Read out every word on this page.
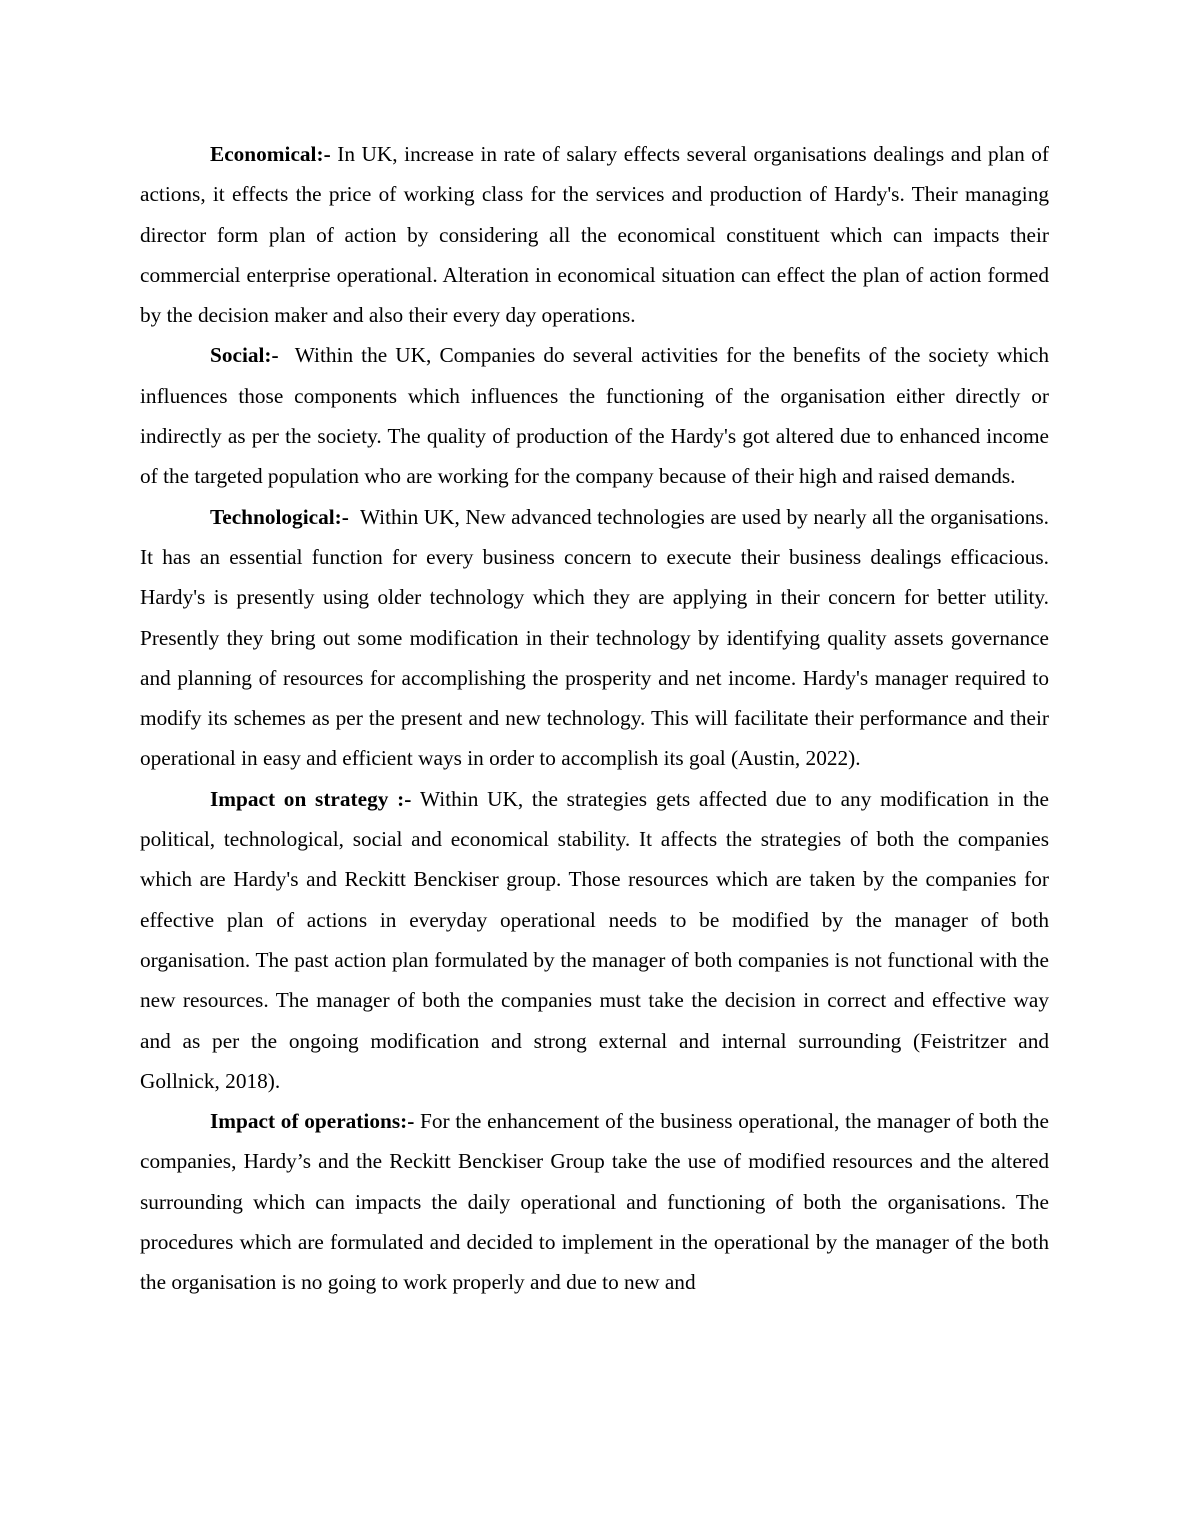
Economical:- In UK, increase in rate of salary effects several organisations dealings and plan of actions, it effects the price of working class for the services and production of Hardy's. Their managing director form plan of action by considering all the economical constituent which can impacts their commercial enterprise operational. Alteration in economical situation can effect the plan of action formed by the decision maker and also their every day operations.

Social:- Within the UK, Companies do several activities for the benefits of the society which influences those components which influences the functioning of the organisation either directly or indirectly as per the society. The quality of production of the Hardy's got altered due to enhanced income of the targeted population who are working for the company because of their high and raised demands.

Technological:- Within UK, New advanced technologies are used by nearly all the organisations. It has an essential function for every business concern to execute their business dealings efficacious. Hardy's is presently using older technology which they are applying in their concern for better utility. Presently they bring out some modification in their technology by identifying quality assets governance and planning of resources for accomplishing the prosperity and net income. Hardy's manager required to modify its schemes as per the present and new technology. This will facilitate their performance and their operational in easy and efficient ways in order to accomplish its goal (Austin, 2022).

Impact on strategy :- Within UK, the strategies gets affected due to any modification in the political, technological, social and economical stability. It affects the strategies of both the companies which are Hardy's and Reckitt Benckiser group. Those resources which are taken by the companies for effective plan of actions in everyday operational needs to be modified by the manager of both organisation. The past action plan formulated by the manager of both companies is not functional with the new resources. The manager of both the companies must take the decision in correct and effective way and as per the ongoing modification and strong external and internal surrounding (Feistritzer and Gollnick, 2018).

Impact of operations:- For the enhancement of the business operational, the manager of both the companies, Hardy’s and the Reckitt Benckiser Group take the use of modified resources and the altered surrounding which can impacts the daily operational and functioning of both the organisations. The procedures which are formulated and decided to implement in the operational by the manager of the both the organisation is no going to work properly and due to new and
